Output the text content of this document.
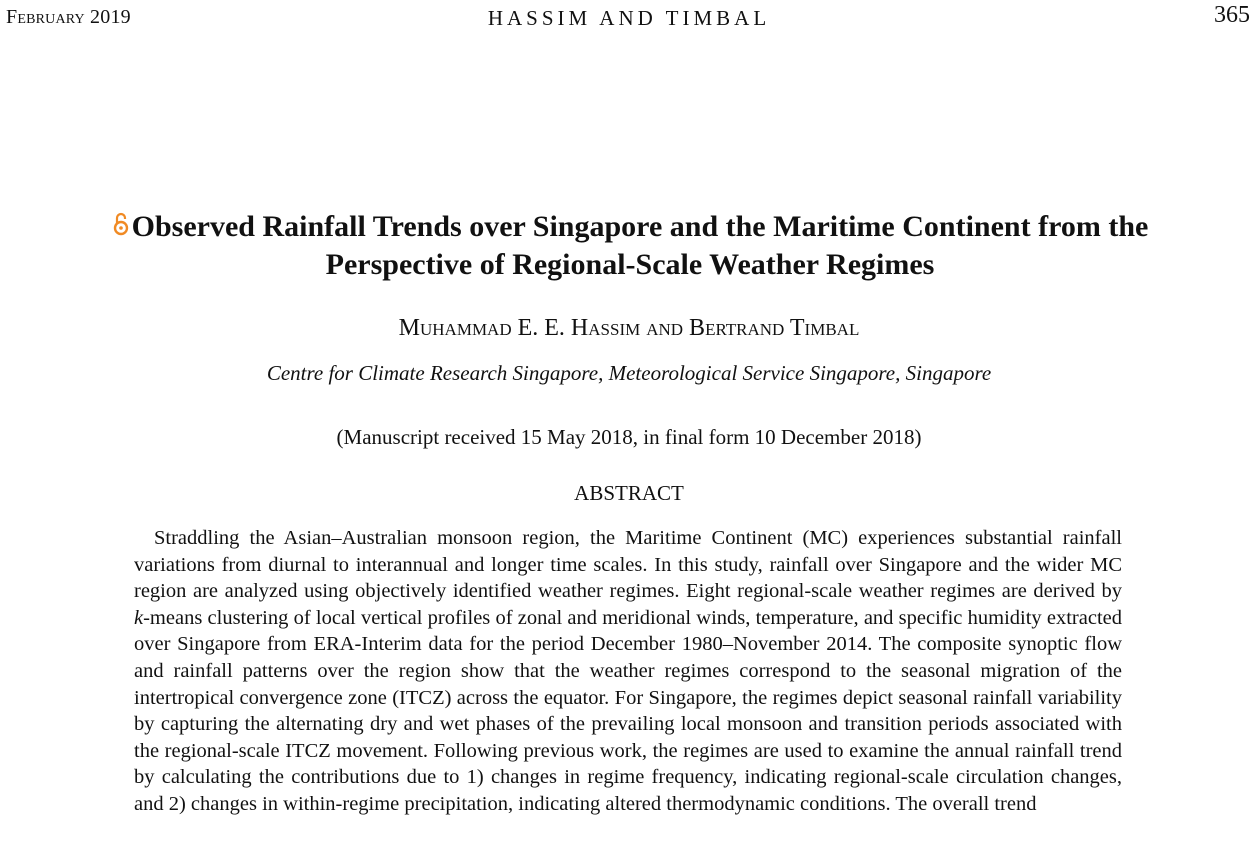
February 2019	HASSIM AND TIMBAL	365
Observed Rainfall Trends over Singapore and the Maritime Continent from the Perspective of Regional-Scale Weather Regimes
Muhammad E. E. Hassim and Bertrand Timbal
Centre for Climate Research Singapore, Meteorological Service Singapore, Singapore
(Manuscript received 15 May 2018, in final form 10 December 2018)
ABSTRACT

Straddling the Asian–Australian monsoon region, the Maritime Continent (MC) experiences substantial rainfall variations from diurnal to interannual and longer time scales. In this study, rainfall over Singapore and the wider MC region are analyzed using objectively identified weather regimes. Eight regional-scale weather regimes are derived by k-means clustering of local vertical profiles of zonal and meridional winds, temperature, and specific humidity extracted over Singapore from ERA-Interim data for the period December 1980–November 2014. The composite synoptic flow and rainfall patterns over the region show that the weather regimes correspond to the seasonal migration of the intertropical convergence zone (ITCZ) across the equator. For Singapore, the regimes depict seasonal rainfall variability by capturing the alternating dry and wet phases of the prevailing local monsoon and transition periods associated with the regional-scale ITCZ movement. Following previous work, the regimes are used to examine the annual rainfall trend by calculating the contributions due to 1) changes in regime frequency, indicating regional-scale circulation changes, and 2) changes in within-regime precipitation, indicating altered thermodynamic conditions. The overall trend
